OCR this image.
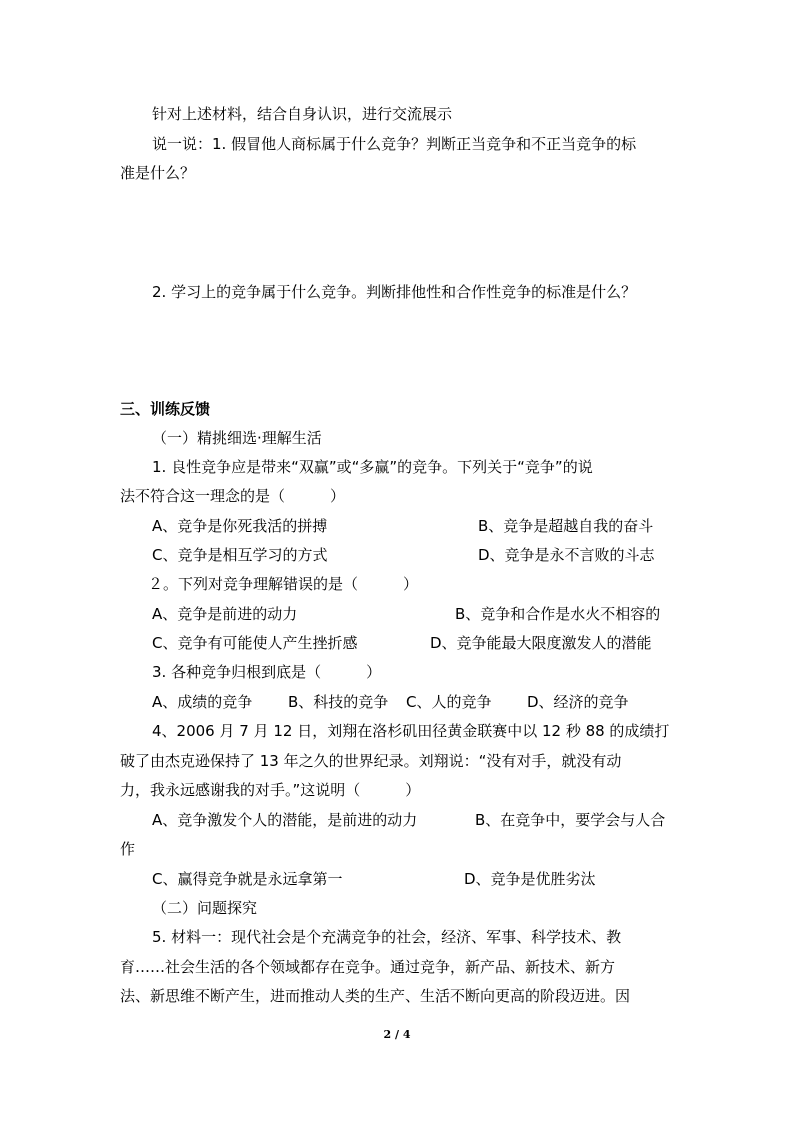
针对上述材料，结合自身认识，进行交流展示
说一说：1. 假冒他人商标属于什么竞争？判断正当竞争和不正当竞争的标
准是什么？
2. 学习上的竞争属于什么竞争。判断排他性和合作性竞争的标准是什么？
三、训练反馈
（一）精挑细选·理解生活
1. 良性竞争应是带来“双赢”或“多赢”的竞争。下列关于“竞争”的说
法不符合这一理念的是（　　　）
A、竞争是你死我活的拼搏	B、竞争是超越自我的奋斗
C、竞争是相互学习的方式	D、竞争是永不言败的斗志
２。下列对竞争理解错误的是（　　　）
A、竞争是前进的动力	B、竞争和合作是水火不相容的
C、竞争有可能使人产生挫折感	D、竞争能最大限度激发人的潜能
3. 各种竞争归根到底是（　　　）
A、成绩的竞争 B、科技的竞争 C、人的竞争 D、经济的竞争
4、2006 月 7 月 12 日，刘翔在洛杉矶田径黄金联赛中以 12 秒 88 的成绩打
破了由杰克逊保持了 13 年之久的世界纪录。刘翔说：“没有对手，就没有动
力，我永远感谢我的对手。”这说明（　　　）
A、竞争激发个人的潜能，是前进的动力	B、在竞争中，要学会与人合
作
C、赢得竞争就是永远拿第一	D、竞争是优胜劣汰
（二）问题探究
5. 材料一：现代社会是个充满竞争的社会，经济、军事、科学技术、教
育……社会生活的各个领域都存在竞争。通过竞争，新产品、新技术、新方
法、新思维不断产生，进而推动人类的生产、生活不断向更高的阶段迈进。因
2 / 4
